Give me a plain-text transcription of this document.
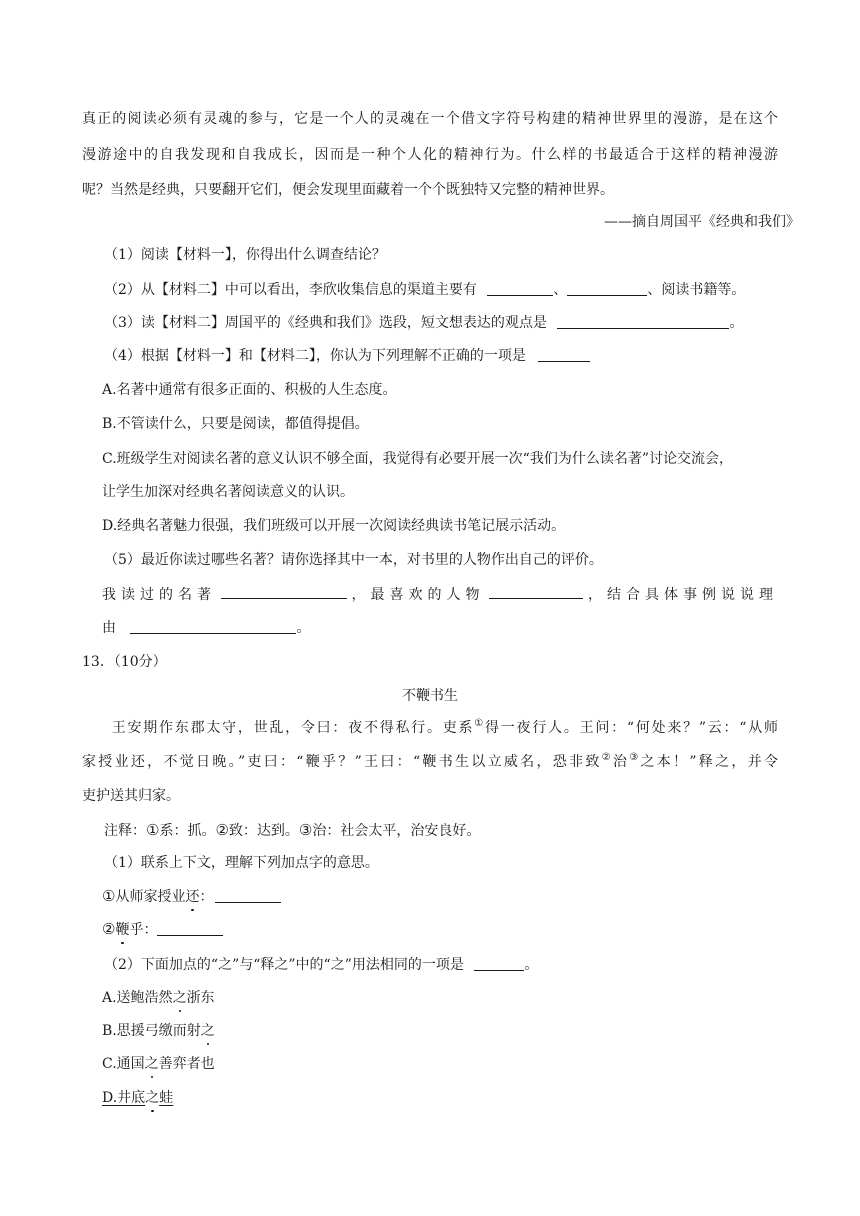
真正的阅读必须有灵魂的参与，它是一个人的灵魂在一个借文字符号构建的精神世界里的漫游，是在这个
漫游途中的自我发现和自我成长，因而是一种个人化的精神行为。什么样的书最适合于这样的精神漫游
呢？当然是经典，只要翻开它们，便会发现里面藏着一个个既独特又完整的精神世界。
——摘自周国平《经典和我们》
（1）阅读【材料一】，你得出什么调查结论？
（2）从【材料二】中可以看出，李欣收集信息的渠道主要有	、	、阅读书籍等。
（3）读【材料二】周国平的《经典和我们》选段，短文想表达的观点是	。
（4）根据【材料一】和【材料二】，你认为下列理解不正确的一项是
A.名著中通常有很多正面的、积极的人生态度。
B.不管读什么，只要是阅读，都值得提倡。
C.班级学生对阅读名著的意义认识不够全面，我觉得有必要开展一次“我们为什么读名著”讨论交流会，
让学生加深对经典名著阅读意义的认识。
D.经典名著魅力很强，我们班级可以开展一次阅读经典读书笔记展示活动。
（5）最近你读过哪些名著？请你选择其中一本，对书里的人物作出自己的评价。
我读过的名著	，最喜欢的人物	，结合具体事例说说理
由	。
13．（10分）
不鞭书生
王安期作东郡太守，世乱，令曰：夜不得私行。吏系①得一夜行人。王问：“何处来？”云：“从师
家授业还，不觉日晚。”吏曰：“鞭乎？”王曰：“鞭书生以立威名，恐非致②治③之本！”释之，并令
吏护送其归家。
注释：①系：抓。②致：达到。③治：社会太平，治安良好。
（1）联系上下文，理解下列加点字的意思。
①从师家授业还：
②鞭乎：
（2）下面加点的“之”与“释之”中的“之”用法相同的一项是	。
A.送鲍浩然之浙东
B.思援弓缴而射之
C.通国之善弈者也
D.井底之蛙
